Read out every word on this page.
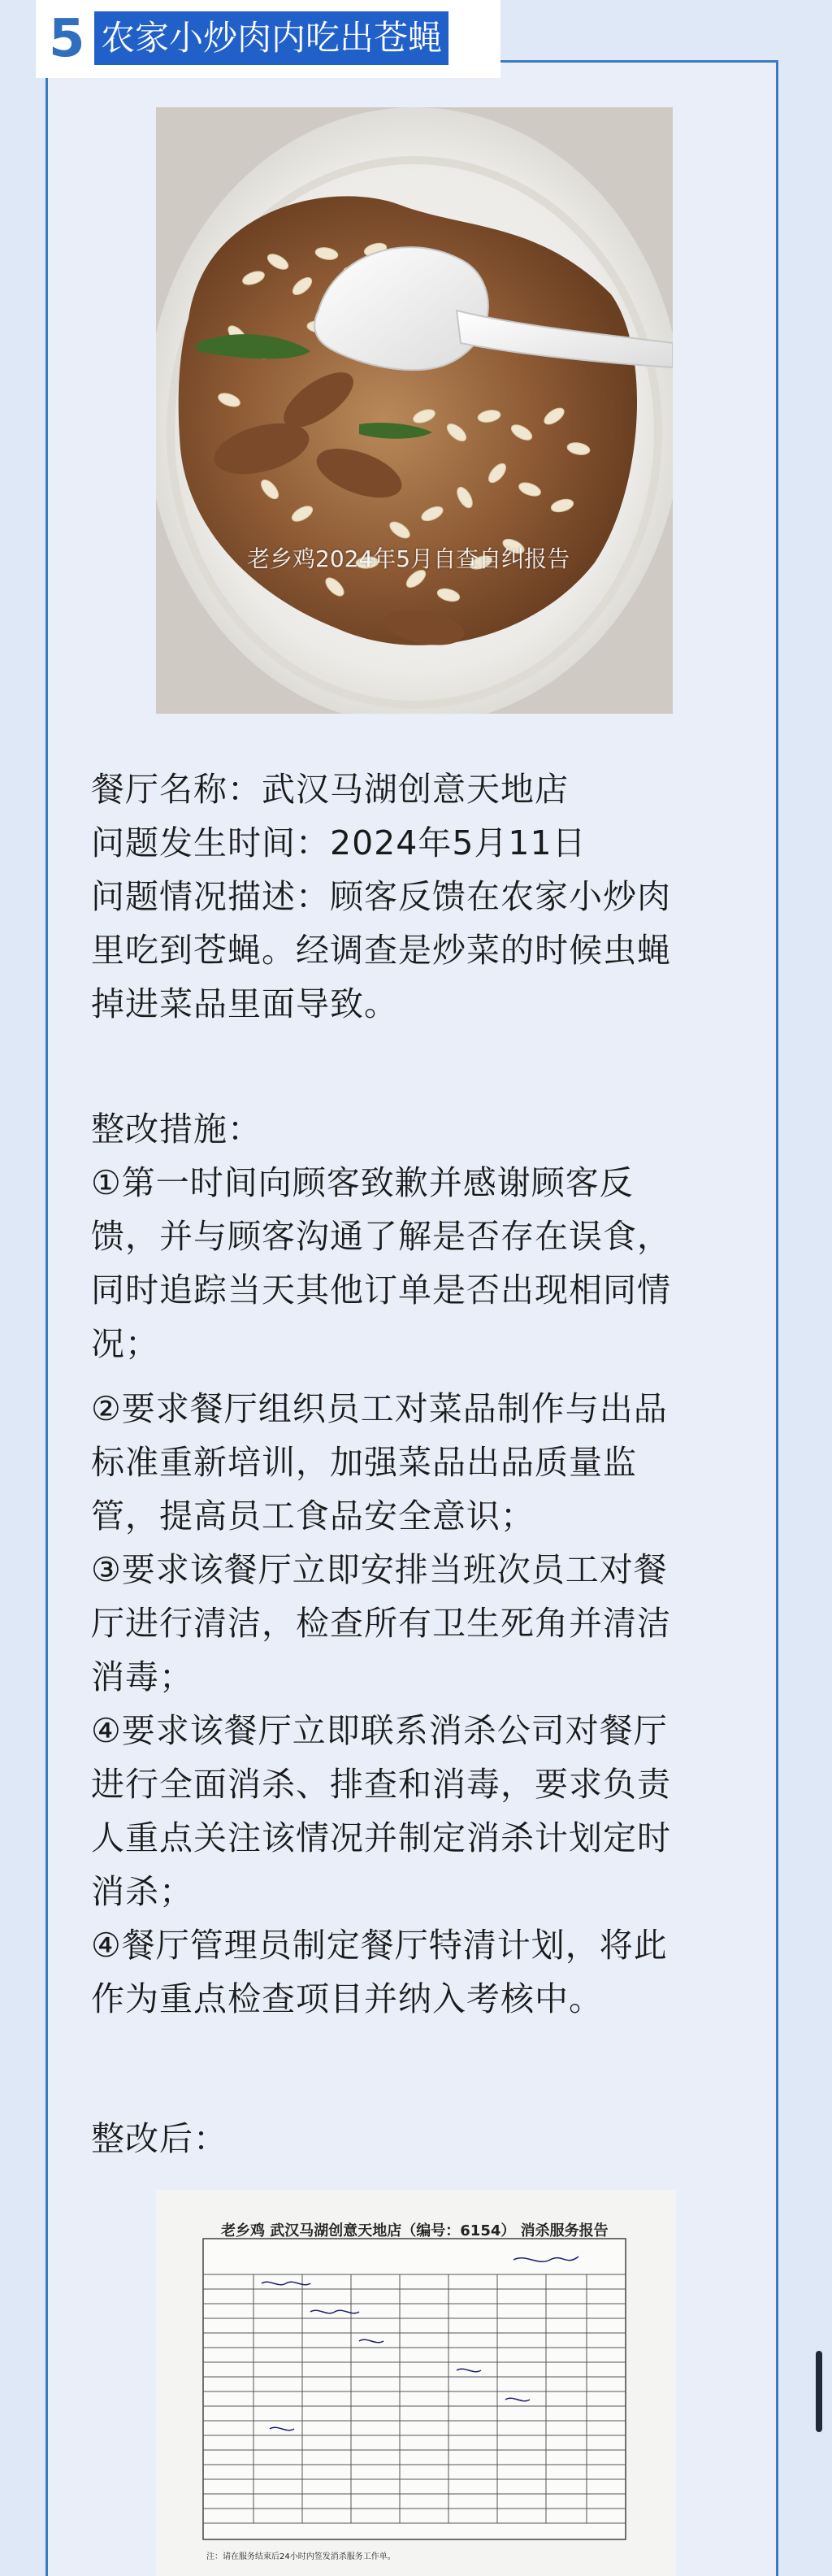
5 农家小炒肉内吃出苍蝇
老乡鸡2024年5月自查自纠报告

餐厅名称：武汉马湖创意天地店

问题发生时间：2024年5月11日

问题情况描述：顾客反馈在农家小炒肉

里吃到苍蝇。经调查是炒菜的时候虫蝇

掉进菜品里面导致。

整改措施：

①第一时间向顾客致歉并感谢顾客反

馈，并与顾客沟通了解是否存在误食，

同时追踪当天其他订单是否出现相同情

况；

②要求餐厅组织员工对菜品制作与出品

标准重新培训，加强菜品出品质量监

管，提高员工食品安全意识；

③要求该餐厅立即安排当班次员工对餐

厅进行清洁，检查所有卫生死角并清洁

消毒；

④要求该餐厅立即联系消杀公司对餐厅

进行全面消杀、排查和消毒，要求负责

人重点关注该情况并制定消杀计划定时

消杀；

④餐厅管理员制定餐厅特清计划，将此

作为重点检查项目并纳入考核中。

整改后：

老乡鸡 武汉马湖创意天地店（编号：6154） 消杀服务报告
注：请在服务结束后24小时内签发消杀服务工作单。
